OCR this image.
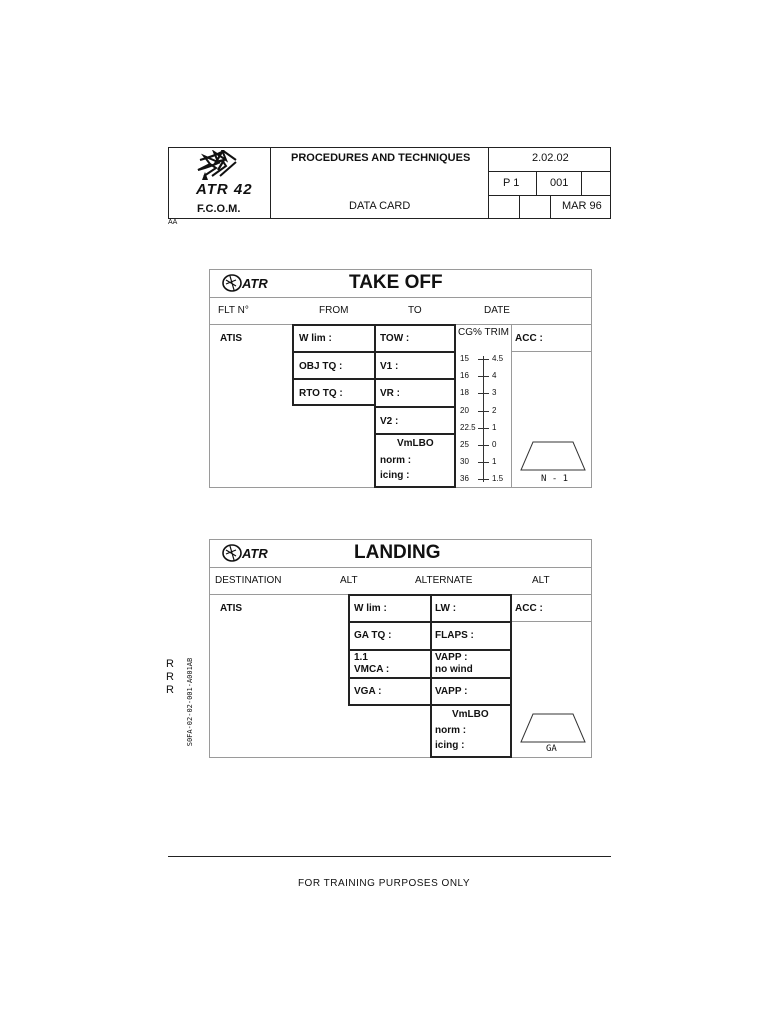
ATR 42
F.C.O.M.
PROCEDURES AND TECHNIQUES
DATA CARD
2.02.02
P 1	001
MAR 96
AA
ATR	TAKE OFF
FLT N°	FROM	TO	DATE
ATIS	W lim :
OBJ TQ :
RTO TQ :
TOW :
V1 :
VR :
V2 :
VmLBO
norm :
icing :
CG% TRIM
15	4.5
16	4
18	3
20	2
22.5 1
25	0
30	1
36	1.5
ACC :
N - 1
ATR	LANDING
DESTINATION	ALT	ALTERNATE	ALT
ATIS	W lim :
GA TQ :
1.1
VMCA :
VGA :
LW :
FLAPS :
VAPP :
no wind
VAPP :
VmLBO
norm :
icing :
ACC :
GA
R
R
R S0FA-02-02-001-A001AB
FOR TRAINING PURPOSES ONLY
